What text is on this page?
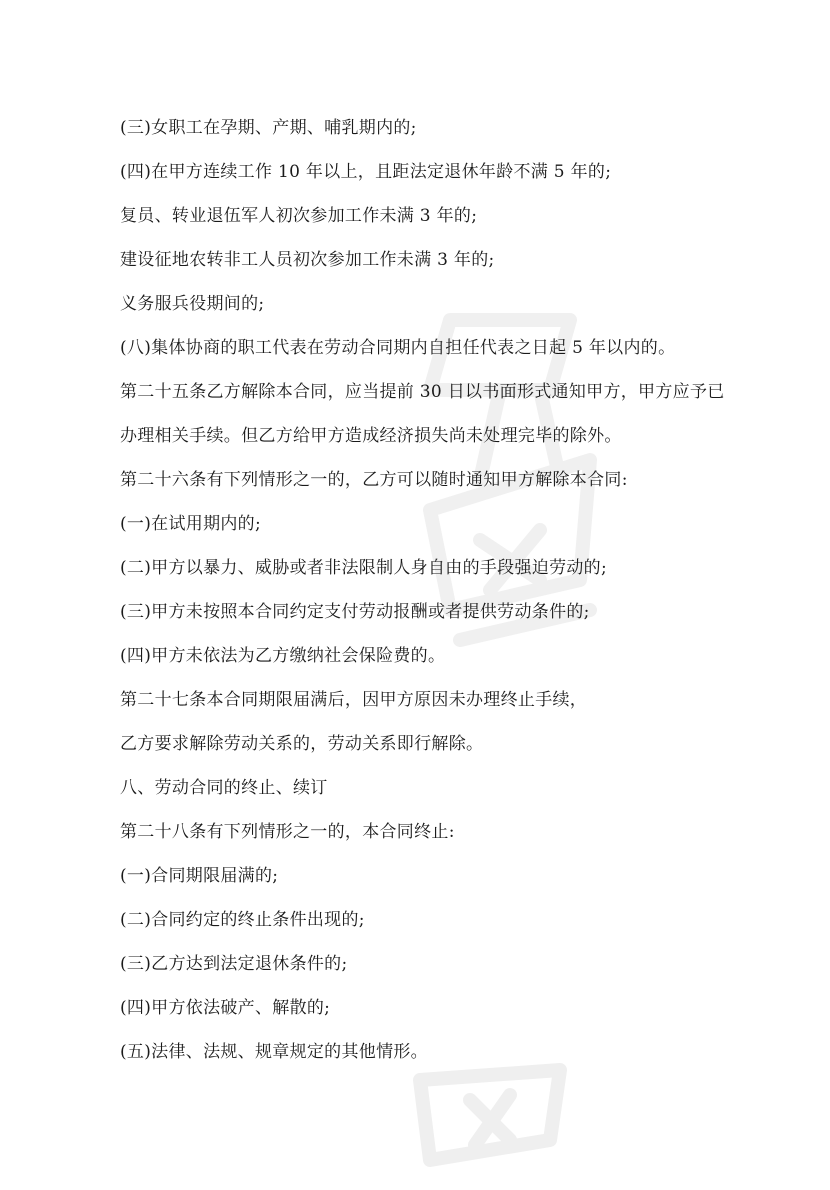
(三)女职工在孕期、产期、哺乳期内的;
(四)在甲方连续工作 10 年以上，且距法定退休年龄不满 5 年的;
复员、转业退伍军人初次参加工作未满 3 年的;
建设征地农转非工人员初次参加工作未满 3 年的;
义务服兵役期间的;
(八)集体协商的职工代表在劳动合同期内自担任代表之日起 5 年以内的。
第二十五条乙方解除本合同，应当提前 30 日以书面形式通知甲方，甲方应予已
办理相关手续。但乙方给甲方造成经济损失尚未处理完毕的除外。
第二十六条有下列情形之一的，乙方可以随时通知甲方解除本合同:
(一)在试用期内的;
(二)甲方以暴力、威胁或者非法限制人身自由的手段强迫劳动的;
(三)甲方未按照本合同约定支付劳动报酬或者提供劳动条件的;
(四)甲方未依法为乙方缴纳社会保险费的。
第二十七条本合同期限届满后，因甲方原因未办理终止手续，
乙方要求解除劳动关系的，劳动关系即行解除。
八、劳动合同的终止、续订
第二十八条有下列情形之一的，本合同终止:
(一)合同期限届满的;
(二)合同约定的终止条件出现的;
(三)乙方达到法定退休条件的;
(四)甲方依法破产、解散的;
(五)法律、法规、规章规定的其他情形。
